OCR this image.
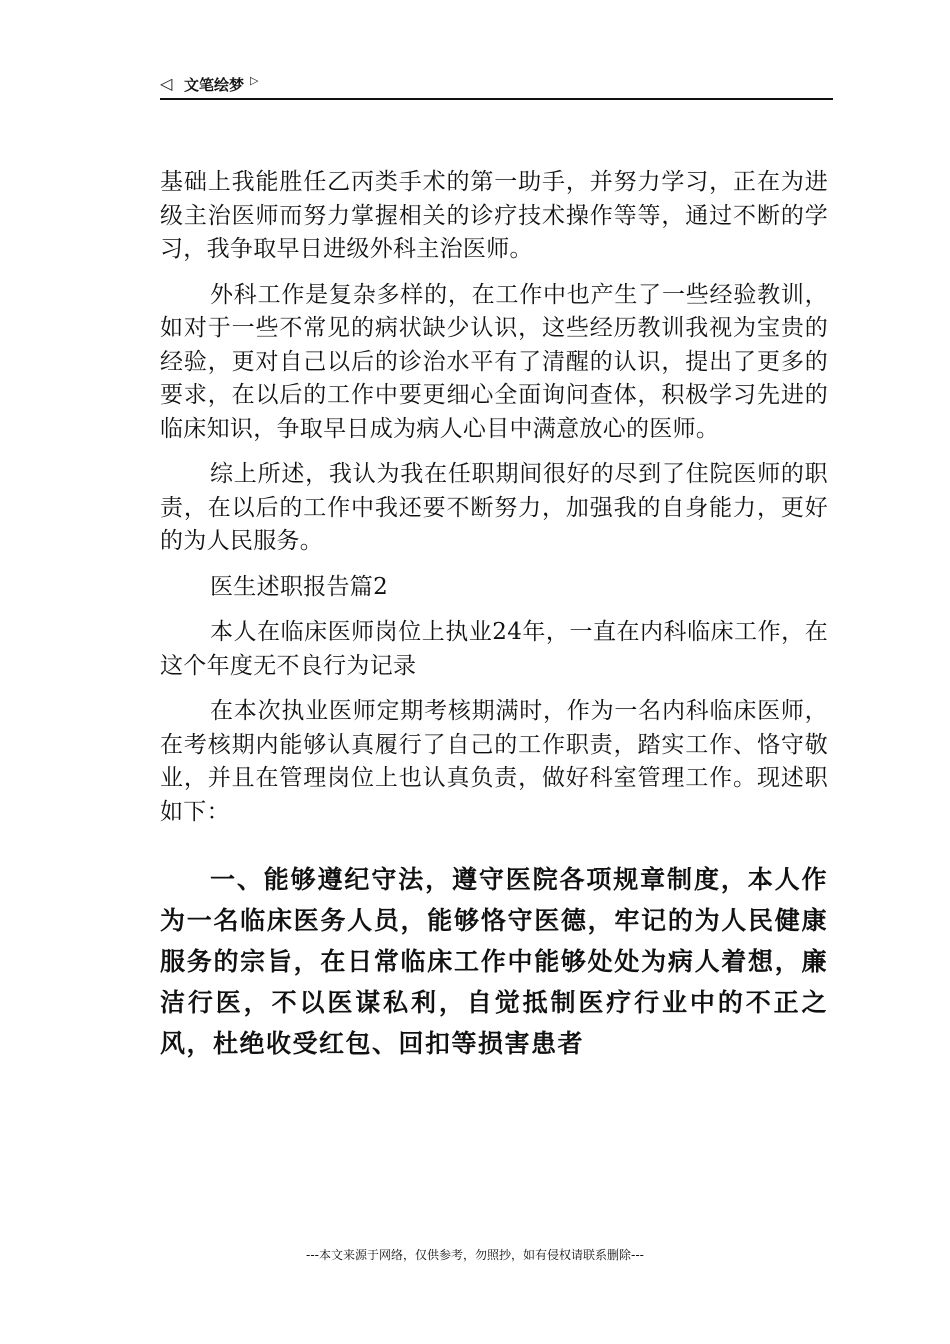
◁ 文笔绘梦 ▷

基础上我能胜任乙丙类手术的第一助手，并努力学习，正在为进级主治医师而努力掌握相关的诊疗技术操作等等，通过不断的学习，我争取早日进级外科主治医师。

外科工作是复杂多样的，在工作中也产生了一些经验教训，如对于一些不常见的病状缺少认识，这些经历教训我视为宝贵的经验，更对自己以后的诊治水平有了清醒的认识，提出了更多的要求，在以后的工作中要更细心全面询问查体，积极学习先进的临床知识，争取早日成为病人心目中满意放心的医师。

综上所述，我认为我在任职期间很好的尽到了住院医师的职责，在以后的工作中我还要不断努力，加强我的自身能力，更好的为人民服务。

医生述职报告篇2

本人在临床医师岗位上执业24年，一直在内科临床工作，在这个年度无不良行为记录

在本次执业医师定期考核期满时，作为一名内科临床医师，在考核期内能够认真履行了自己的工作职责，踏实工作、恪守敬业，并且在管理岗位上也认真负责，做好科室管理工作。现述职如下：

一、能够遵纪守法，遵守医院各项规章制度，本人作为一名临床医务人员，能够恪守医德，牢记的为人民健康服务的宗旨，在日常临床工作中能够处处为病人着想，廉洁行医，不以医谋私利，自觉抵制医疗行业中的不正之风，杜绝收受红包、回扣等损害患者

---本文来源于网络，仅供参考，勿照抄，如有侵权请联系删除---
